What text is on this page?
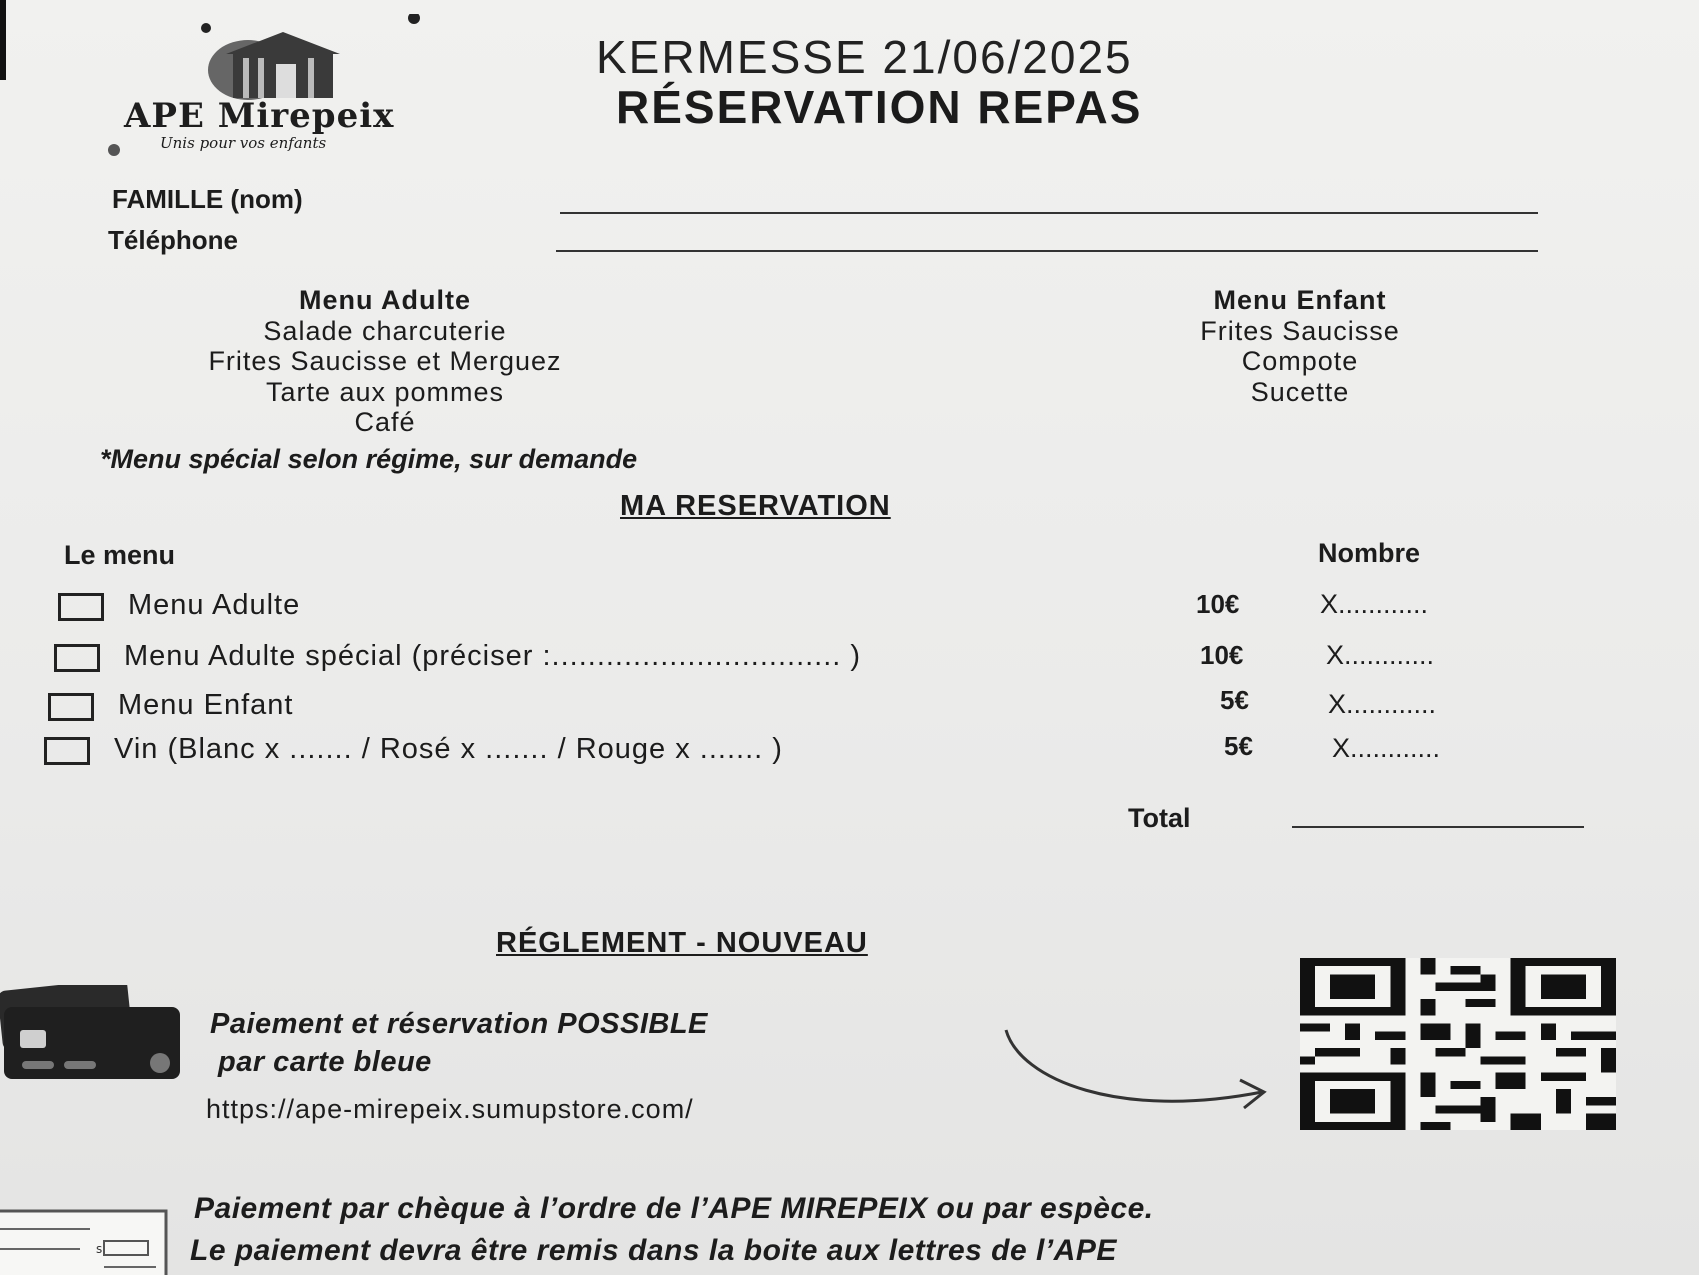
APE Mirepeix
Unis pour vos enfants
KERMESSE 21/06/2025
RÉSERVATION REPAS
FAMILLE (nom)
Téléphone
Menu Adulte
Salade charcuterie
Frites Saucisse et Merguez
Tarte aux pommes
Café
Menu Enfant
Frites Saucisse
Compote
Sucette
*Menu spécial selon régime, sur demande
MA RESERVATION
Le menu	Nombre
Menu Adulte	10€	X............
Menu Adulte spécial (préciser :................................ )	10€	X............
Menu Enfant	5€	X............
Vin (Blanc x ....... / Rosé x ....... / Rouge x ....... )	5€	X............
Total
RÉGLEMENT - NOUVEAU
Paiement et réservation POSSIBLE
par carte bleue
https://ape-mirepeix.sumupstore.com/
s
Paiement par chèque à l’ordre de l’APE MIREPEIX ou par espèce.
Le paiement devra être remis dans la boite aux lettres de l’APE
